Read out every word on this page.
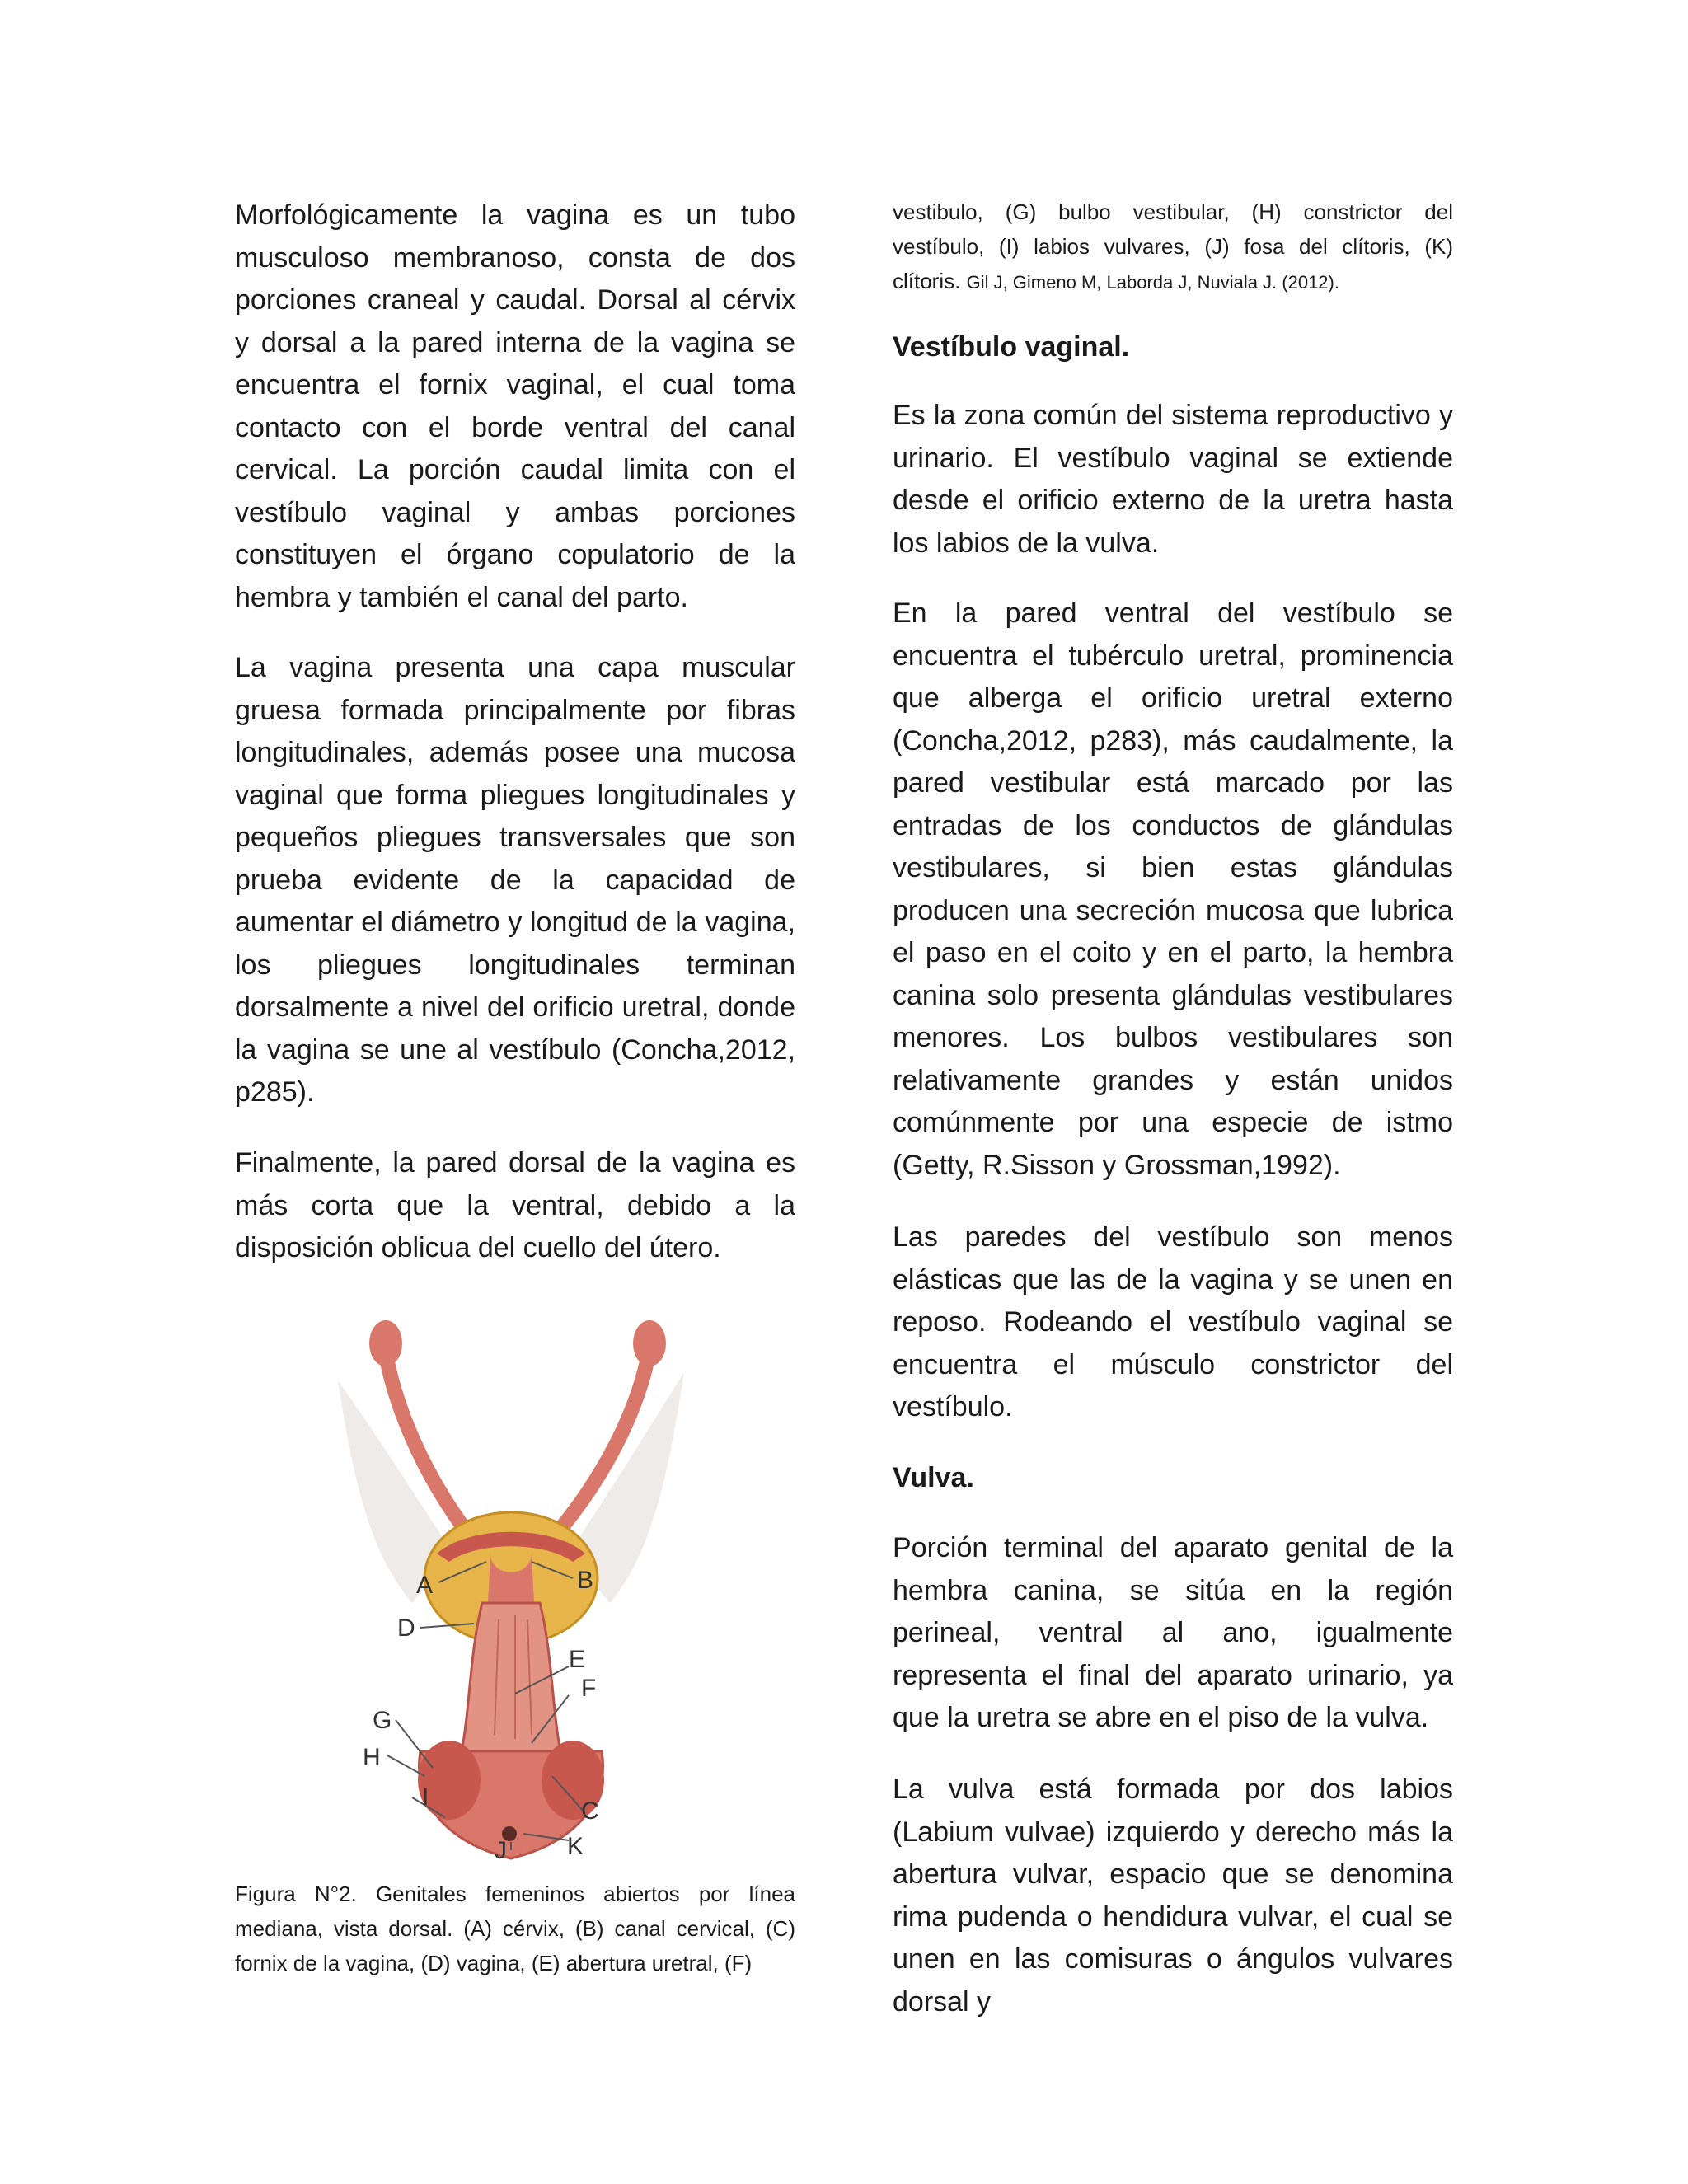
Morfológicamente la vagina es un tubo musculoso membranoso, consta de dos porciones craneal y caudal. Dorsal al cérvix y dorsal a la pared interna de la vagina se encuentra el fornix vaginal, el cual toma contacto con el borde ventral del canal cervical. La porción caudal limita con el vestíbulo vaginal y ambas porciones constituyen el órgano copulatorio de la hembra y también el canal del parto.

La vagina presenta una capa muscular gruesa formada principalmente por fibras longitudinales, además posee una mucosa vaginal que forma pliegues longitudinales y pequeños pliegues transversales que son prueba evidente de la capacidad de aumentar el diámetro y longitud de la vagina, los pliegues longitudinales terminan dorsalmente a nivel del orificio uretral, donde la vagina se une al vestíbulo (Concha,2012, p285).

Finalmente, la pared dorsal de la vagina es más corta que la ventral, debido a la disposición oblicua del cuello del útero.

Figura N°2. Genitales femeninos abiertos por línea mediana, vista dorsal. (A) cérvix, (B) canal cervical, (C) fornix de la vagina, (D) vagina, (E) abertura uretral, (F)

A	B
D
E
F
G
H
I
C
J K

vestibulo, (G) bulbo vestibular, (H) constrictor del vestíbulo, (I) labios vulvares, (J) fosa del clítoris, (K) clítoris. Gil J, Gimeno M, Laborda J, Nuviala J. (2012).

Vestíbulo vaginal.

Es la zona común del sistema reproductivo y urinario. El vestíbulo vaginal se extiende desde el orificio externo de la uretra hasta los labios de la vulva.

En la pared ventral del vestíbulo se encuentra el tubérculo uretral, prominencia que alberga el orificio uretral externo (Concha,2012, p283), más caudalmente, la pared vestibular está marcado por las entradas de los conductos de glándulas vestibulares, si bien estas glándulas producen una secreción mucosa que lubrica el paso en el coito y en el parto, la hembra canina solo presenta glándulas vestibulares menores. Los bulbos vestibulares son relativamente grandes y están unidos comúnmente por una especie de istmo (Getty, R.Sisson y Grossman,1992).

Las paredes del vestíbulo son menos elásticas que las de la vagina y se unen en reposo. Rodeando el vestíbulo vaginal se encuentra el músculo constrictor del vestíbulo.

Vulva.

Porción terminal del aparato genital de la hembra canina, se sitúa en la región perineal, ventral al ano, igualmente representa el final del aparato urinario, ya que la uretra se abre en el piso de la vulva.

La vulva está formada por dos labios (Labium vulvae) izquierdo y derecho más la abertura vulvar, espacio que se denomina rima pudenda o hendidura vulvar, el cual se unen en las comisuras o ángulos vulvares dorsal y
